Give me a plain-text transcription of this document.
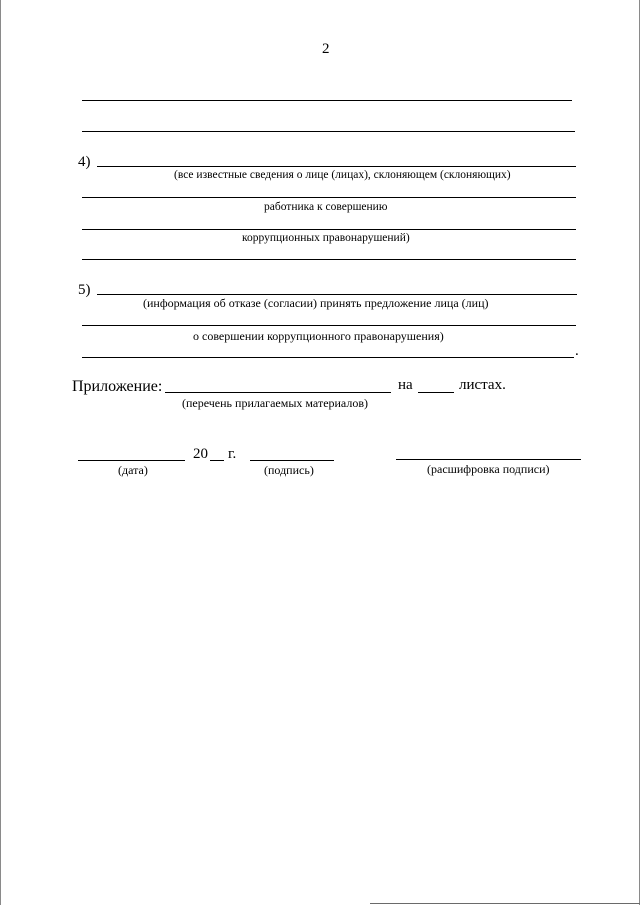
2
4)
(все известные сведения о лице (лицах), склоняющем (склоняющих)
работника к совершению
коррупционных правонарушений)
5)
(информация об отказе (согласии) принять предложение лица (лиц)
о совершении коррупционного правонарушения)
.
Приложение:	на	листах.
(перечень прилагаемых материалов)
20 г.
(дата)	(подпись)	(расшифровка подписи)
